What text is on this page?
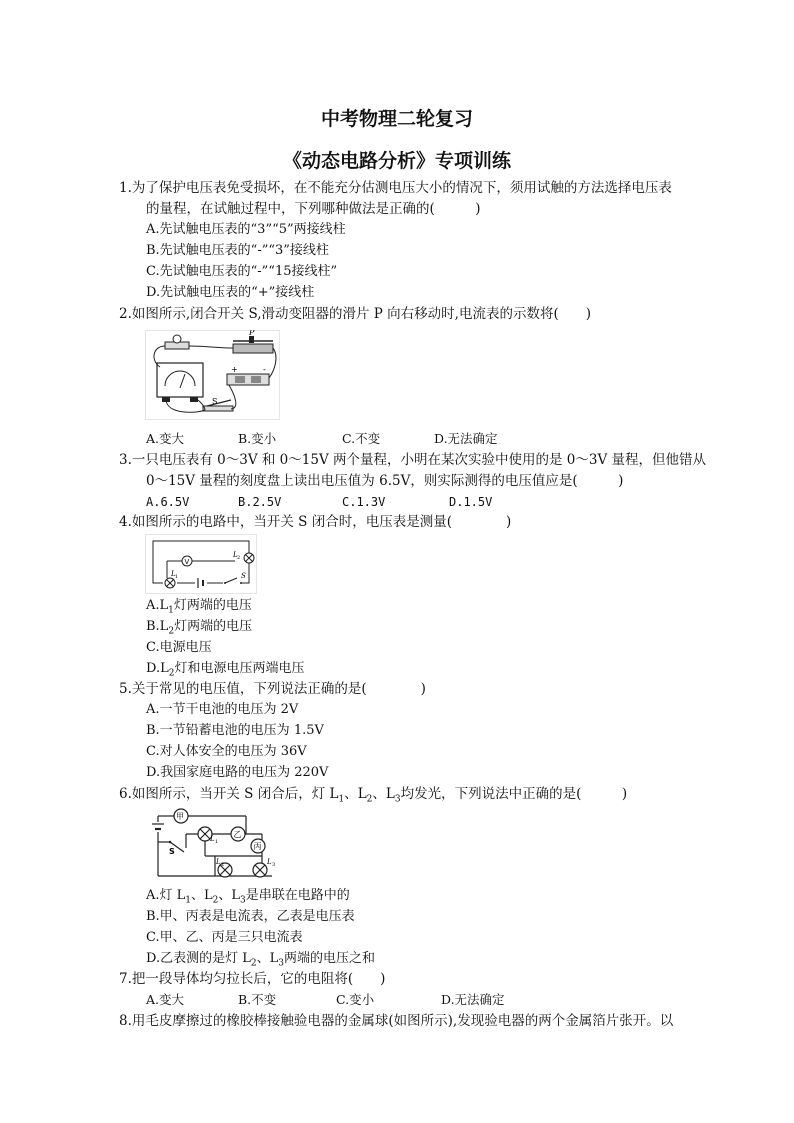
中考物理二轮复习
《动态电路分析》专项训练
1.为了保护电压表免受损坏，在不能充分估测电压大小的情况下，须用试触的方法选择电压表
的量程，在试触过程中，下列哪种做法是正确的(　　　)
A.先试触电压表的“3”“5”两接线柱
B.先试触电压表的“-”“3”接线柱
C.先试触电压表的“-”“15接线柱”
D.先试触电压表的“+”接线柱
2.如图所示,闭合开关 S,滑动变阻器的滑片 P 向右移动时,电流表的示数将(　　)
P
S
+	-
A.变大	B.变小	C.不变	D.无法确定
3.一只电压表有 0～3V 和 0～15V 两个量程，小明在某次实验中使用的是 0～3V 量程，但他错从
0～15V 量程的刻度盘上读出电压值为 6.5V，则实际测得的电压值应是(　　　)
A.6.5V	B.2.5V	C.1.3V	D.1.5V
4.如图所示的电路中，当开关 S 闭合时，电压表是测量(　　　　)
V
L 2
L 1	S
$A.L_1$灯两端的电压
$B.L_2$灯两端的电压
C.电源电压
$D.L_2$灯和电源电压两端电压
5.关于常见的电压值，下列说法正确的是(　　　　)
A.一节干电池的电压为 2V
B.一节铅蓄电池的电压为 1.5V
C.对人体安全的电压为 36V
D.我国家庭电路的电压为 220V
6.如图所示，当开关 S 闭合后，灯 $L_1$、$L_2$、$L_3$均发光，下列说法中正确的是(　　　)
甲
S
L 1
乙
丙
L 2	L 3
A.灯 $L_1$、$L_2$、$L_3$是串联在电路中的
B.甲、丙表是电流表，乙表是电压表
C.甲、乙、丙是三只电流表
D.乙表测的是灯 $L_2$、$L_3$两端的电压之和
7.把一段导体均匀拉长后，它的电阻将(　　)
A.变大	B.不变	C.变小	D.无法确定
8.用毛皮摩擦过的橡胶棒接触验电器的金属球(如图所示),发现验电器的两个金属箔片张开。以
